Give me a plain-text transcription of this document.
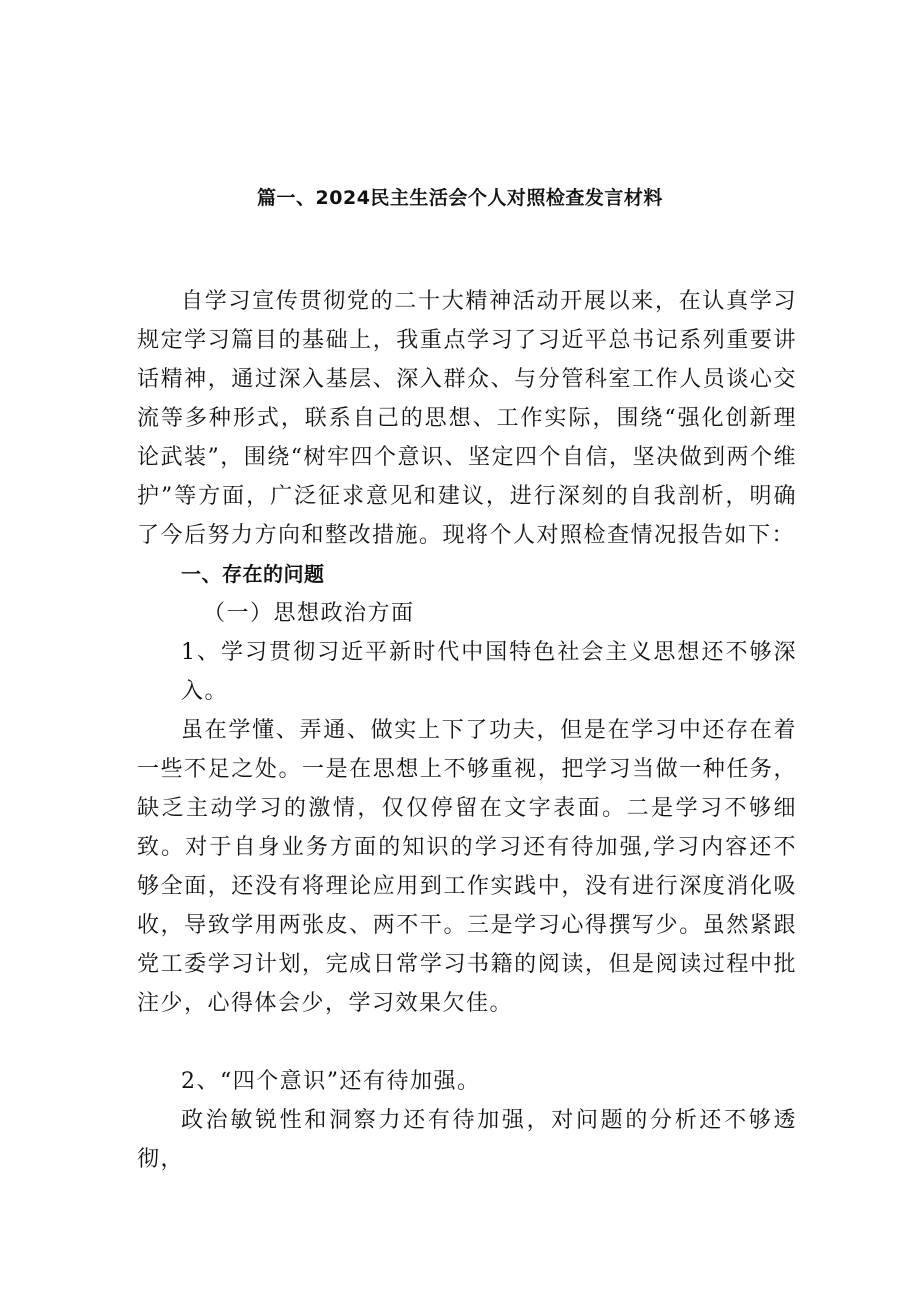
篇一、2024民主生活会个人对照检查发言材料

自学习宣传贯彻党的二十大精神活动开展以来，在认真学习规定学习篇目的基础上，我重点学习了习近平总书记系列重要讲话精神，通过深入基层、深入群众、与分管科室工作人员谈心交流等多种形式，联系自己的思想、工作实际，围绕“强化创新理论武装”，围绕“树牢四个意识、坚定四个自信，坚决做到两个维护”等方面，广泛征求意见和建议，进行深刻的自我剖析，明确了今后努力方向和整改措施。现将个人对照检查情况报告如下：

一、存在的问题

（一）思想政治方面

1、学习贯彻习近平新时代中国特色社会主义思想还不够深入。

虽在学懂、弄通、做实上下了功夫，但是在学习中还存在着一些不足之处。一是在思想上不够重视，把学习当做一种任务，缺乏主动学习的激情，仅仅停留在文字表面。二是学习不够细致。对于自身业务方面的知识的学习还有待加强,学习内容还不够全面，还没有将理论应用到工作实践中，没有进行深度消化吸收，导致学用两张皮、两不干。三是学习心得撰写少。虽然紧跟党工委学习计划，完成日常学习书籍的阅读，但是阅读过程中批注少，心得体会少，学习效果欠佳。

2、“四个意识”还有待加强。

政治敏锐性和洞察力还有待加强，对问题的分析还不够透彻，
